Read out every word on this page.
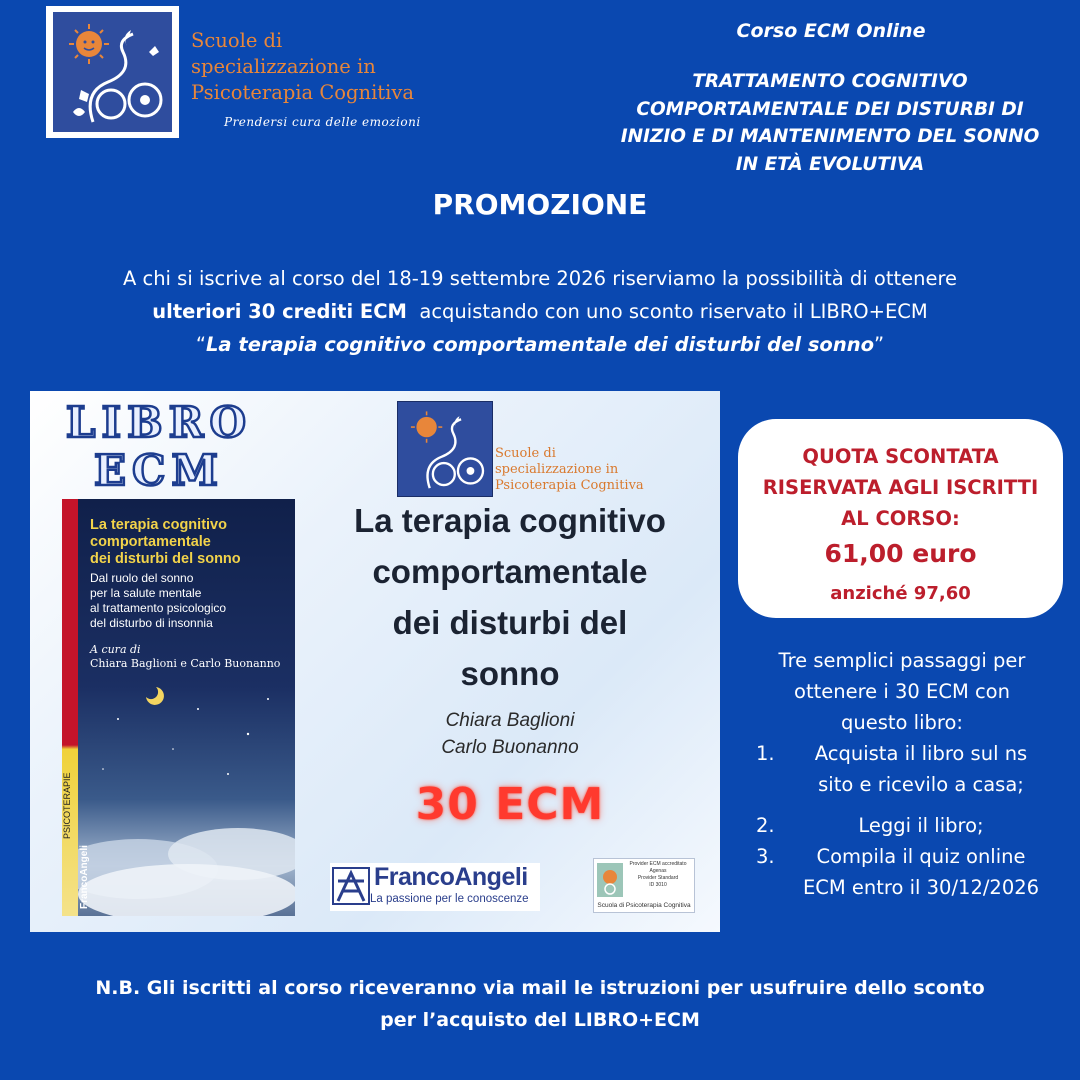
Scuole di
specializzazione in
Psicoterapia Cognitiva
Prendersi cura delle emozioni
Corso ECM Online
TRATTAMENTO COGNITIVO
COMPORTAMENTALE DEI DISTURBI DI
INIZIO E DI MANTENIMENTO DEL SONNO
IN ETÀ EVOLUTIVA
PROMOZIONE
A chi si iscrive al corso del 18-19 settembre 2026 riserviamo la possibilità di ottenere
ulteriori 30 crediti ECM  acquistando con uno sconto riservato il LIBRO+ECM
“La terapia cognitivo comportamentale dei disturbi del sonno”
LIBRO
ECM
La terapia cognitivo
comportamentale
dei disturbi del sonno
Dal ruolo del sonno
per la salute mentale
al trattamento psicologico
del disturbo di insonnia
A cura di
Chiara Baglioni e Carlo Buonanno
PSICOTERAPIE
FrancoAngeli
Scuole di
specializzazione in
Psicoterapia Cognitiva
La terapia cognitivo
comportamentale
dei disturbi del
sonno
Chiara Baglioni
Carlo Buonanno
30 ECM
FrancoAngeli
La passione per le conoscenze
Provider ECM accreditato
Agenas
Provider Standard
ID 3010
Scuola di Psicoterapia Cognitiva
QUOTA SCONTATA
RISERVATA AGLI ISCRITTI
AL CORSO:
61,00 euro
anziché 97,60
Tre semplici passaggi per
ottenere i 30 ECM con
questo libro:
1.	Acquista il libro sul ns
sito e ricevilo a casa;
2.	Leggi il libro;
3.	Compila il quiz online
ECM entro il 30/12/2026
N.B. Gli iscritti al corso riceveranno via mail le istruzioni per usufruire dello sconto
per l’acquisto del LIBRO+ECM
